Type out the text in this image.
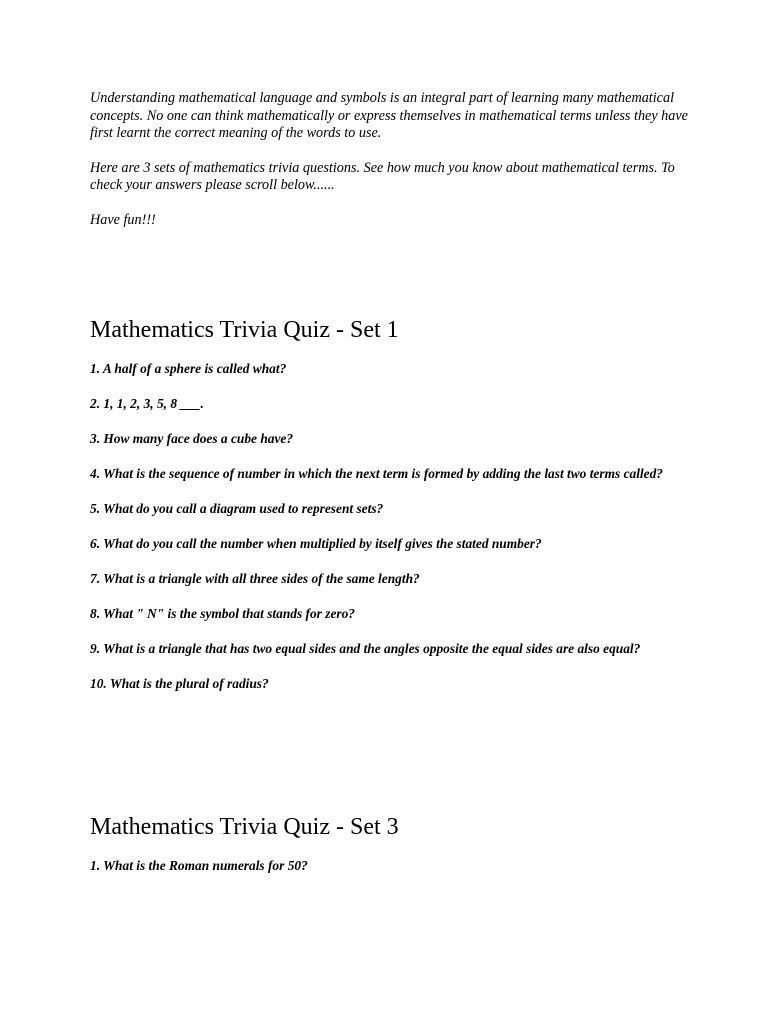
Understanding mathematical language and symbols is an integral part of learning many mathematical concepts. No one can think mathematically or express themselves in mathematical terms unless they have first learnt the correct meaning of the words to use.

Here are 3 sets of mathematics trivia questions. See how much you know about mathematical terms. To check your answers please scroll below......

Have fun!!!

Mathematics Trivia Quiz - Set 1
1. A half of a sphere is called what?
2. 1, 1, 2, 3, 5, 8 ___.
3. How many face does a cube have?
4. What is the sequence of number in which the next term is formed by adding the last two terms called?
5. What do you call a diagram used to represent sets?
6. What do you call the number when multiplied by itself gives the stated number?
7. What is a triangle with all three sides of the same length?
8. What " N" is the symbol that stands for zero?
9. What is a triangle that has two equal sides and the angles opposite the equal sides are also equal?
10. What is the plural of radius?
Mathematics Trivia Quiz - Set 3
1. What is the Roman numerals for 50?
